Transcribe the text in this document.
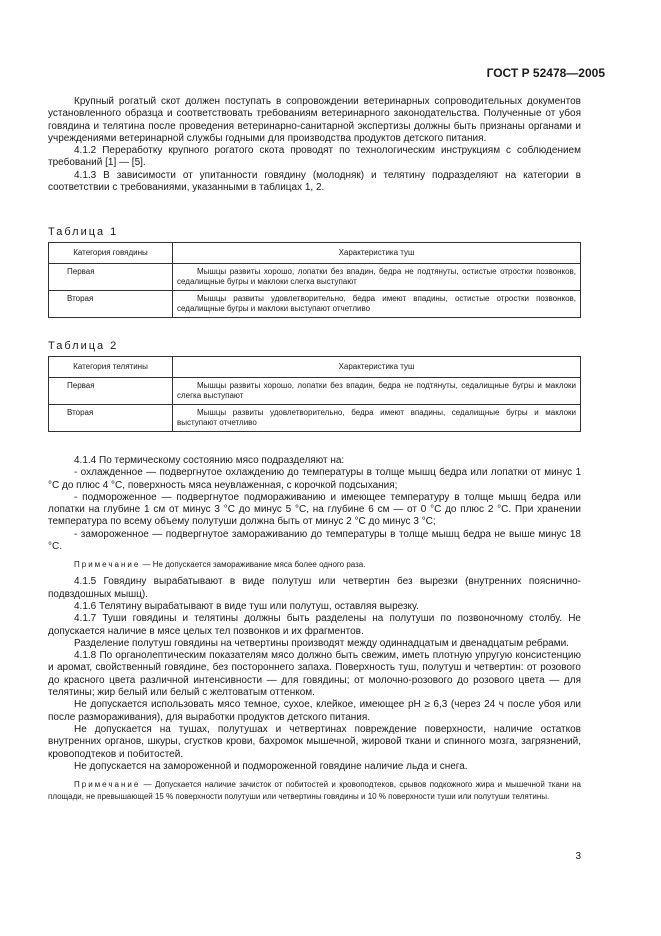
ГОСТ Р 52478—2005

Крупный рогатый скот должен поступать в сопровождении ветеринарных сопроводительных документов установленного образца и соответствовать требованиям ветеринарного законодательства. Полученные от убоя говядина и телятина после проведения ветеринарно-санитарной экспертизы должны быть признаны органами и учреждениями ветеринарной службы годными для производства продуктов детского питания.

4.1.2 Переработку крупного рогатого скота проводят по технологическим инструкциям с соблюдением требований [1] — [5].

4.1.3 В зависимости от упитанности говядину (молодняк) и телятину подразделяют на категории в соответствии с требованиями, указанными в таблицах 1, 2.

Таблица 1
Категория говядины	Характеристика туш
Первая	Мышцы развиты хорошо, лопатки без впадин, бедра не подтянуты, остистые отростки позвонков, седалищные бугры и маклоки слегка выступают
Вторая	Мышцы развиты удовлетворительно, бедра имеют впадины, остистые отростки позвонков, седалищные бугры и маклоки выступают отчетливо
Таблица 2
Категория телятины	Характеристика туш
Первая	Мышцы развиты хорошо, лопатки без впадин, бедра не подтянуты, седалищные бугры и маклоки слегка выступают
Вторая	Мышцы развиты удовлетворительно, бедра имеют впадины, седалищные бугры и маклоки выступают отчетливо

4.1.4 По термическому состоянию мясо подразделяют на:

- охлажденное — подвергнутое охлаждению до температуры в толще мышц бедра или лопатки от минус 1 °С до плюс 4 °С, поверхность мяса неувлаженная, с корочкой подсыхания;

- подмороженное — подвергнутое подмораживанию и имеющее температуру в толще мышц бедра или лопатки на глубине 1 см от минус 3 °С до минус 5 °С, на глубине 6 см — от 0 °С до плюс 2 °С. При хранении температура по всему объему полутуши должна быть от минус 2 °С до минус 3 °С;

- замороженное — подвергнутое замораживанию до температуры в толще мышц бедра не выше минус 18 °С.

Примечание — Не допускается замораживание мяса более одного раза.

4.1.5 Говядину вырабатывают в виде полутуш или четвертин без вырезки (внутренних пояснично-подвздошных мышц).

4.1.6 Телятину вырабатывают в виде туш или полутуш, оставляя вырезку.

4.1.7 Туши говядины и телятины должны быть разделены на полутуши по позвоночному столбу. Не допускается наличие в мясе целых тел позвонков и их фрагментов.

Разделение полутуш говядины на четвертины производят между одиннадцатым и двенадцатым ребрами.

4.1.8 По органолептическим показателям мясо должно быть свежим, иметь плотную упругую консистенцию и аромат, свойственный говядине, без постороннего запаха. Поверхность туш, полутуш и четвертин: от розового до красного цвета различной интенсивности — для говядины; от молочно-розового до розового цвета — для телятины; жир белый или белый с желтоватым оттенком.

Не допускается использовать мясо темное, сухое, клейкое, имеющее рН ≥ 6,3 (через 24 ч после убоя или после размораживания), для выработки продуктов детского питания.

Не допускается на тушах, полутушах и четвертинах повреждение поверхности, наличие остатков внутренних органов, шкуры, сгустков крови, бахромок мышечной, жировой ткани и спинного мозга, загрязнений, кровоподтеков и побитостей.

Не допускается на замороженной и подмороженной говядине наличие льда и снега.

Примечание — Допускается наличие зачисток от побитостей и кровоподтеков, срывов подкожного жира и мышечной ткани на площади, не превышающей 15 % поверхности полутуши или четвертины говядины и 10 % поверхности туши или полутуши телятины.

3
